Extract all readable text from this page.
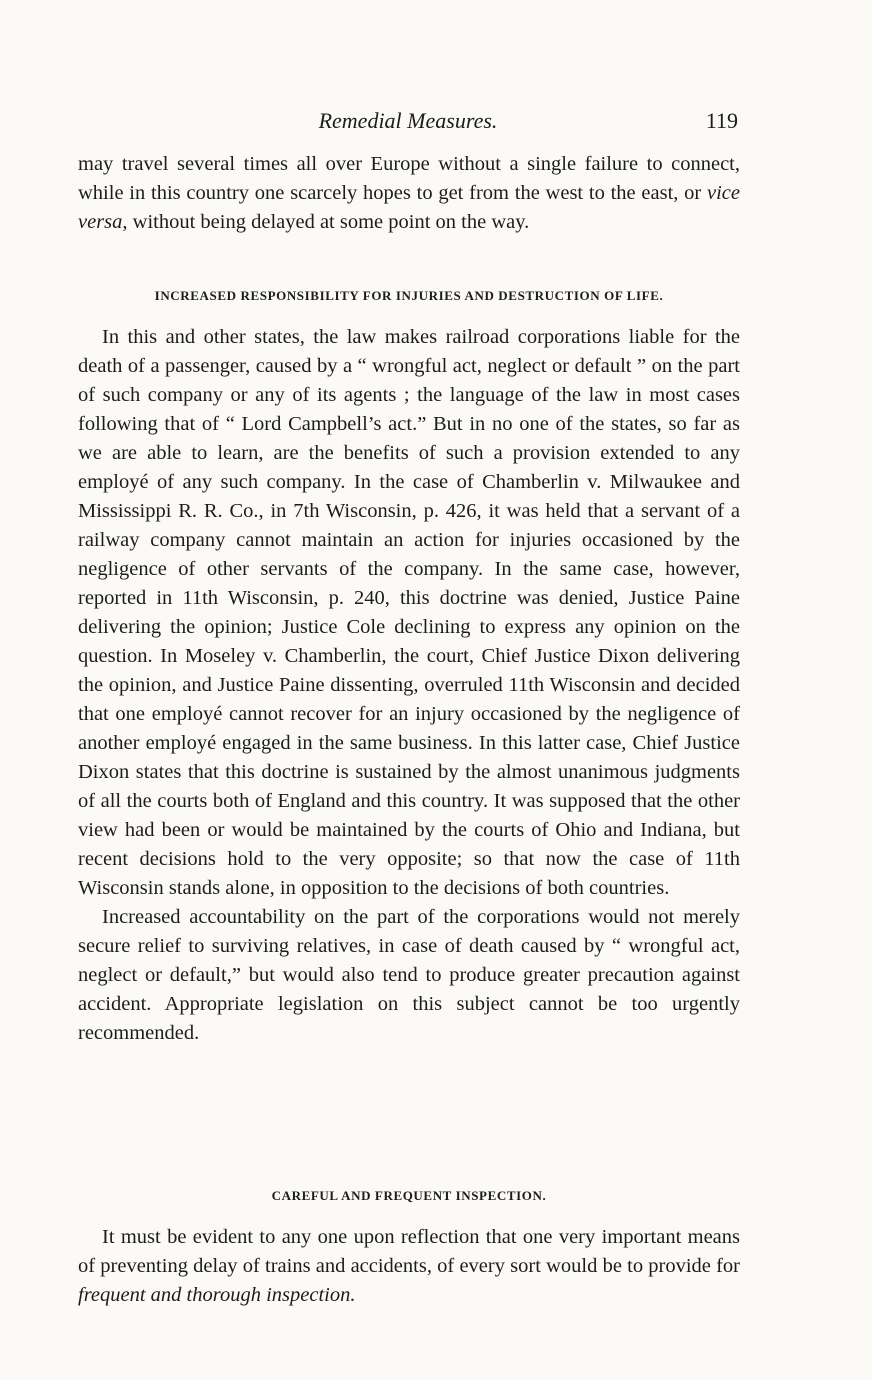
Remedial Measures.	119

may travel several times all over Europe without a single failure to connect, while in this country one scarcely hopes to get from the west to the east, or vice versa, without being delayed at some point on the way.

INCREASED RESPONSIBILITY FOR INJURIES AND DESTRUCTION OF LIFE.

In this and other states, the law makes railroad corporations liable for the death of a passenger, caused by a “ wrongful act, neglect or default ” on the part of such company or any of its agents ; the language of the law in most cases following that of “ Lord Campbell’s act.” But in no one of the states, so far as we are able to learn, are the benefits of such a provision extended to any employé of any such company. In the case of Chamberlin v. Milwaukee and Mississippi R. R. Co., in 7th Wisconsin, p. 426, it was held that a servant of a railway company cannot maintain an action for injuries occasioned by the negligence of other servants of the company. In the same case, however, reported in 11th Wisconsin, p. 240, this doctrine was denied, Justice Paine delivering the opinion; Justice Cole declining to express any opinion on the question. In Moseley v. Chamberlin, the court, Chief Justice Dixon delivering the opinion, and Justice Paine dissenting, overruled 11th Wisconsin and decided that one employé cannot recover for an injury occasioned by the negligence of another employé engaged in the same business. In this latter case, Chief Justice Dixon states that this doctrine is sustained by the almost unanimous judgments of all the courts both of England and this country. It was supposed that the other view had been or would be maintained by the courts of Ohio and Indiana, but recent decisions hold to the very opposite; so that now the case of 11th Wisconsin stands alone, in opposition to the decisions of both countries.

Increased accountability on the part of the corporations would not merely secure relief to surviving relatives, in case of death caused by “ wrongful act, neglect or default,” but would also tend to produce greater precaution against accident. Appropriate legislation on this subject cannot be too urgently recommended.

CAREFUL AND FREQUENT INSPECTION.

It must be evident to any one upon reflection that one very important means of preventing delay of trains and accidents, of every sort would be to provide for frequent and thorough inspection.
